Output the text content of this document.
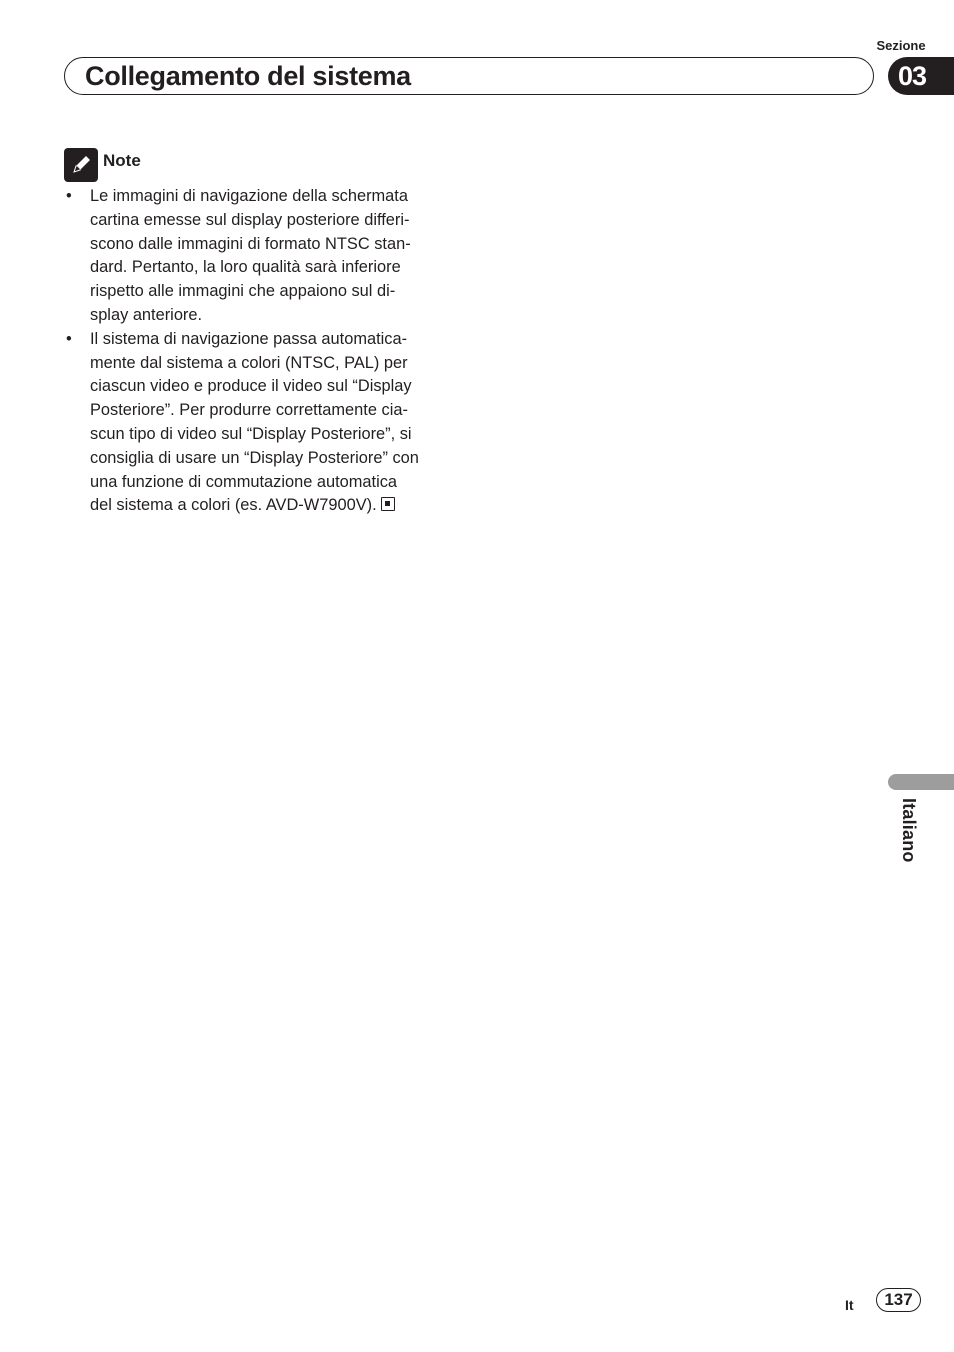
Sezione
Collegamento del sistema	03
Note
• Le immagini di navigazione della schermata
cartina emesse sul display posteriore differi-
scono dalle immagini di formato NTSC stan-
dard. Pertanto, la loro qualità sarà inferiore
rispetto alle immagini che appaiono sul di-
splay anteriore.
• Il sistema di navigazione passa automatica-
mente dal sistema a colori (NTSC, PAL) per
ciascun video e produce il video sul “Display
Posteriore”. Per produrre correttamente cia-
scun tipo di video sul “Display Posteriore”, si
consiglia di usare un “Display Posteriore” con
una funzione di commutazione automatica
del sistema a colori (es. AVD-W7900V).
Italiano
It	137
